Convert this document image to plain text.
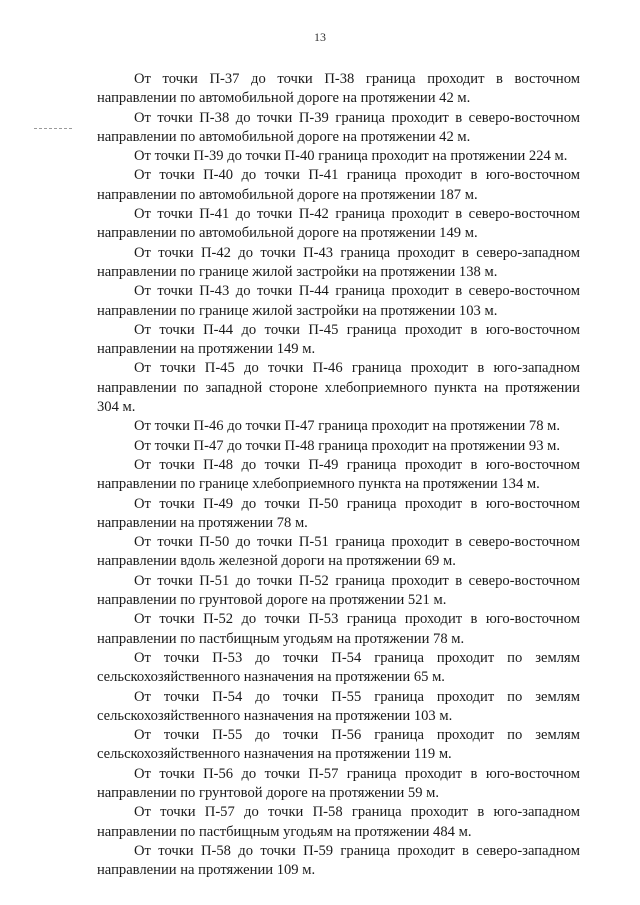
13

От точки П-37 до точки П-38 граница проходит в восточном направлении по автомобильной дороге на протяжении 42 м.

От точки П-38 до точки П-39 граница проходит в северо-восточном направлении по автомобильной дороге на протяжении 42 м.

От точки П-39 до точки П-40 граница проходит на протяжении 224 м.

От точки П-40 до точки П-41 граница проходит в юго-восточном направлении по автомобильной дороге на протяжении 187 м.

От точки П-41 до точки П-42 граница проходит в северо-восточном направлении по автомобильной дороге на протяжении 149 м.

От точки П-42 до точки П-43 граница проходит в северо-западном направлении по границе жилой застройки на протяжении 138 м.

От точки П-43 до точки П-44 граница проходит в северо-восточном направлении по границе жилой застройки на протяжении 103 м.

От точки П-44 до точки П-45 граница проходит в юго-восточном направлении на протяжении 149 м.

От точки П-45 до точки П-46 граница проходит в юго-западном направлении по западной стороне хлебоприемного пункта на протяжении 304 м.

От точки П-46 до точки П-47 граница проходит на протяжении 78 м.

От точки П-47 до точки П-48 граница проходит на протяжении 93 м.

От точки П-48 до точки П-49 граница проходит в юго-восточном направлении по границе хлебоприемного пункта на протяжении 134 м.

От точки П-49 до точки П-50 граница проходит в юго-восточном направлении на протяжении 78 м.

От точки П-50 до точки П-51 граница проходит в северо-восточном направлении вдоль железной дороги на протяжении 69 м.

От точки П-51 до точки П-52 граница проходит в северо-восточном направлении по грунтовой дороге на протяжении 521 м.

От точки П-52 до точки П-53 граница проходит в юго-восточном направлении по пастбищным угодьям на протяжении 78 м.

От точки П-53 до точки П-54 граница проходит по землям сельскохозяйственного назначения на протяжении 65 м.

От точки П-54 до точки П-55 граница проходит по землям сельскохозяйственного назначения на протяжении 103 м.

От точки П-55 до точки П-56 граница проходит по землям сельскохозяйственного назначения на протяжении 119 м.

От точки П-56 до точки П-57 граница проходит в юго-восточном направлении по грунтовой дороге на протяжении 59 м.

От точки П-57 до точки П-58 граница проходит в юго-западном направлении по пастбищным угодьям на протяжении 484 м.

От точки П-58 до точки П-59 граница проходит в северо-западном направлении на протяжении 109 м.
